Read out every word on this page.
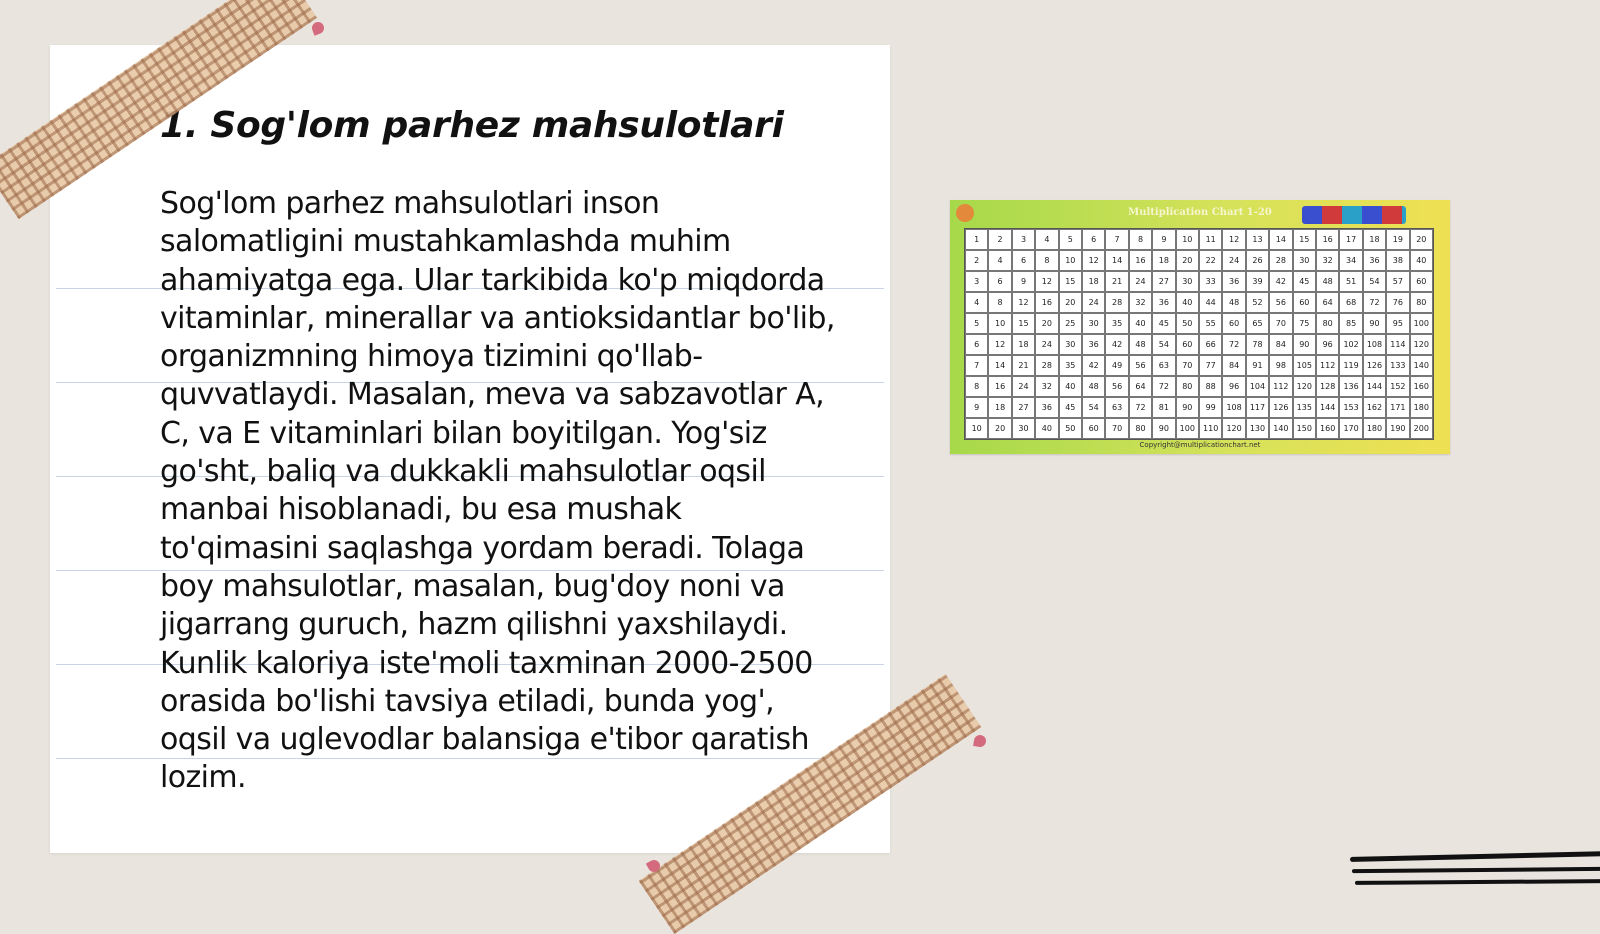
1. Sog'lom parhez mahsulotlari

Sog'lom parhez mahsulotlari inson salomatligini mustahkamlashda muhim ahamiyatga ega. Ular tarkibida ko'p miqdorda vitaminlar, minerallar va antioksidantlar bo'lib, organizmning himoya tizimini qo'llab-quvvatlaydi. Masalan, meva va sabzavotlar A, C, va E vitaminlari bilan boyitilgan. Yog'siz go'sht, baliq va dukkakli mahsulotlar oqsil manbai hisoblanadi, bu esa mushak to'qimasini saqlashga yordam beradi. Tolaga boy mahsulotlar, masalan, bug'doy noni va jigarrang guruch, hazm qilishni yaxshilaydi. Kunlik kaloriya iste'moli taxminan 2000-2500 orasida bo'lishi tavsiya etiladi, bunda yog', oqsil va uglevodlar balansiga e'tibor qaratish lozim.

Multiplication Chart 1-20
1	2	3	4	5	6	7	8	9	10	11	12	13	14	15	16	17	18	19	20
2	4	6	8	10	12	14	16	18	20	22	24	26	28	30	32	34	36	38	40
3	6	9	12	15	18	21	24	27	30	33	36	39	42	45	48	51	54	57	60
4	8	12	16	20	24	28	32	36	40	44	48	52	56	60	64	68	72	76	80
5	10	15	20	25	30	35	40	45	50	55	60	65	70	75	80	85	90	95	100
6	12	18	24	30	36	42	48	54	60	66	72	78	84	90	96	102	108	114	120
7	14	21	28	35	42	49	56	63	70	77	84	91	98	105	112	119	126	133	140
8	16	24	32	40	48	56	64	72	80	88	96	104	112	120	128	136	144	152	160
9	18	27	36	45	54	63	72	81	90	99	108	117	126	135	144	153	162	171	180
10	20	30	40	50	60	70	80	90	100	110	120	130	140	150	160	170	180	190	200
Copyright@multiplicationchart.net
